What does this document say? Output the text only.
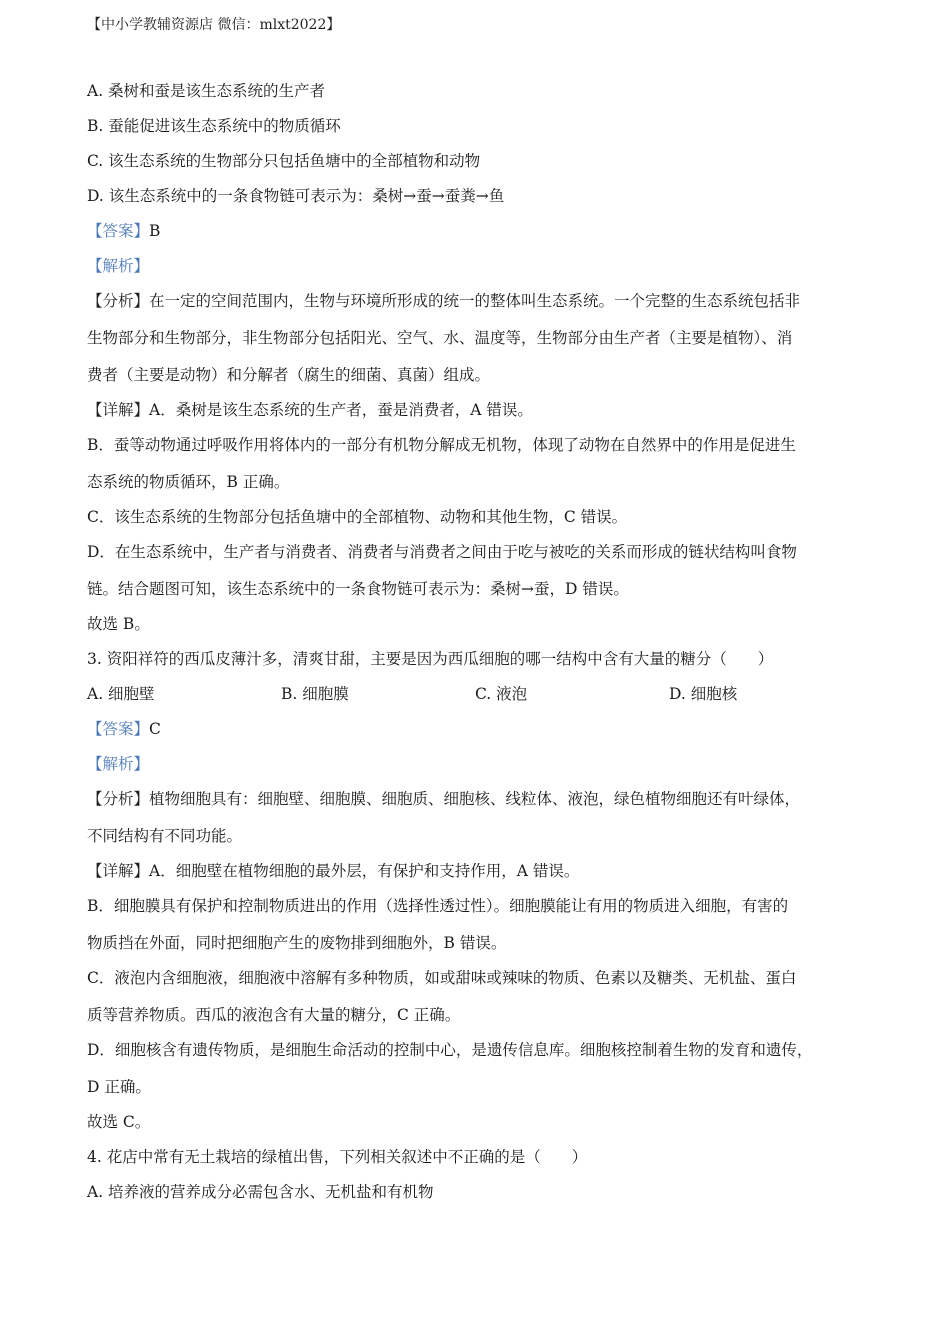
【中小学教辅资源店 微信：mlxt2022】
A. 桑树和蚕是该生态系统的生产者
B. 蚕能促进该生态系统中的物质循环
C. 该生态系统的生物部分只包括鱼塘中的全部植物和动物
D. 该生态系统中的一条食物链可表示为：桑树→蚕→蚕粪→鱼
【答案】B
【解析】
【分析】在一定的空间范围内，生物与环境所形成的统一的整体叫生态系统。一个完整的生态系统包括非
生物部分和生物部分，非生物部分包括阳光、空气、水、温度等，生物部分由生产者（主要是植物）、消
费者（主要是动物）和分解者（腐生的细菌、真菌）组成。
【详解】A．桑树是该生态系统的生产者，蚕是消费者，A 错误。
B．蚕等动物通过呼吸作用将体内的一部分有机物分解成无机物，体现了动物在自然界中的作用是促进生
态系统的物质循环，B 正确。
C．该生态系统的生物部分包括鱼塘中的全部植物、动物和其他生物，C 错误。
D．在生态系统中，生产者与消费者、消费者与消费者之间由于吃与被吃的关系而形成的链状结构叫食物
链。结合题图可知，该生态系统中的一条食物链可表示为：桑树→蚕，D 错误。
故选 B。
3. 资阳祥符的西瓜皮薄汁多，清爽甘甜，主要是因为西瓜细胞的哪一结构中含有大量的糖分（　　）
A. 细胞壁	B. 细胞膜	C. 液泡	D. 细胞核
【答案】C
【解析】
【分析】植物细胞具有：细胞壁、细胞膜、细胞质、细胞核、线粒体、液泡，绿色植物细胞还有叶绿体，
不同结构有不同功能。
【详解】A．细胞壁在植物细胞的最外层，有保护和支持作用，A 错误。
B．细胞膜具有保护和控制物质进出的作用（选择性透过性）。细胞膜能让有用的物质进入细胞，有害的
物质挡在外面，同时把细胞产生的废物排到细胞外，B 错误。
C．液泡内含细胞液，细胞液中溶解有多种物质，如或甜味或辣味的物质、色素以及糖类、无机盐、蛋白
质等营养物质。西瓜的液泡含有大量的糖分，C 正确。
D．细胞核含有遗传物质，是细胞生命活动的控制中心，是遗传信息库。细胞核控制着生物的发育和遗传，
D 正确。
故选 C。
4. 花店中常有无土栽培的绿植出售，下列相关叙述中不正确的是（　　）
A. 培养液的营养成分必需包含水、无机盐和有机物
